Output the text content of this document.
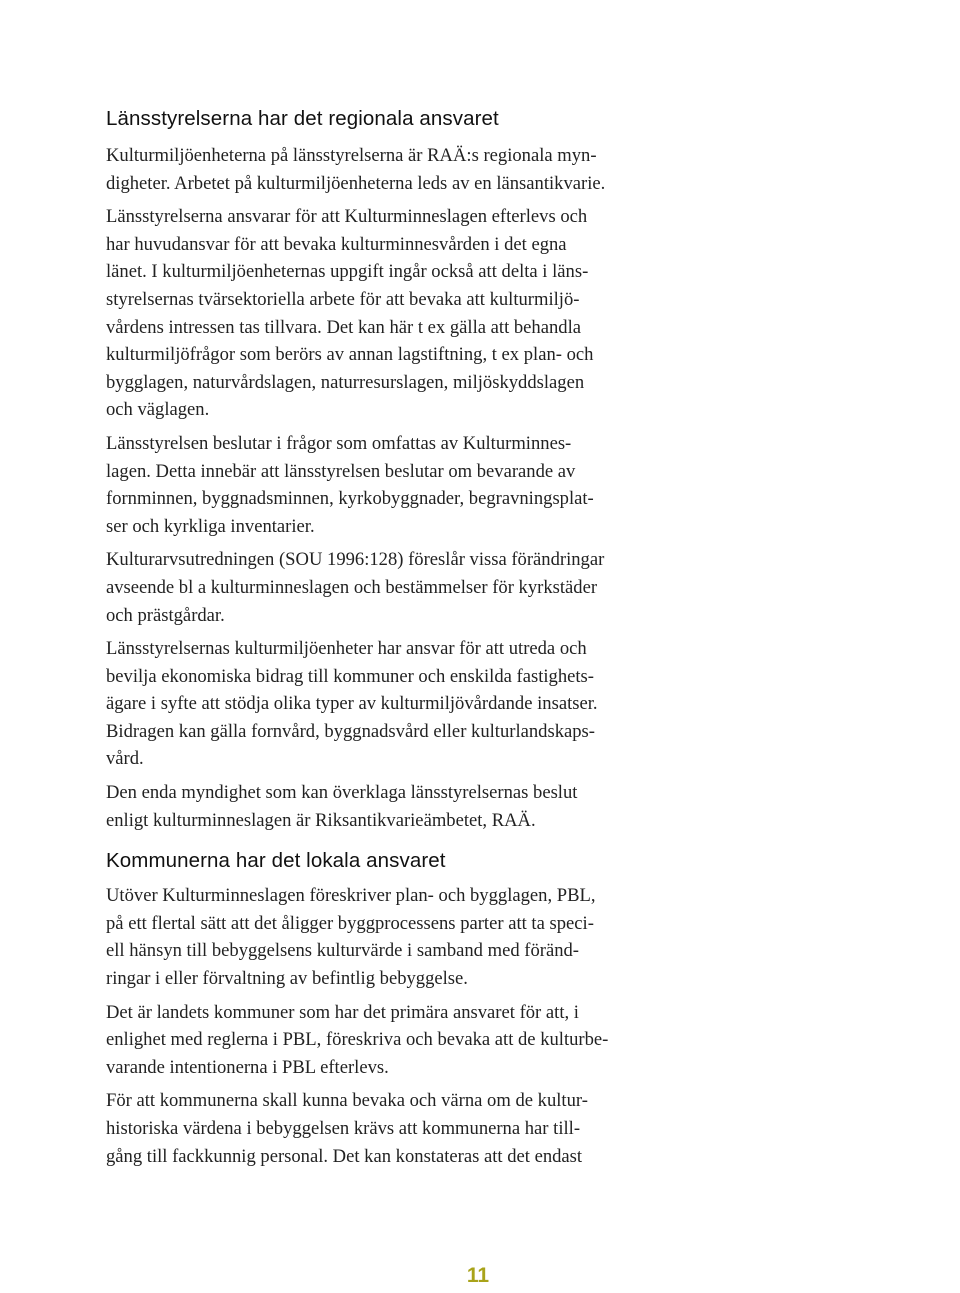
Länsstyrelserna har det regionala ansvaret

Kulturmiljöenheterna på länsstyrelserna är RAÄ:s regionala myn-
digheter. Arbetet på kulturmiljöenheterna leds av en länsantikvarie.

Länsstyrelserna ansvarar för att Kulturminneslagen efterlevs och
har huvudansvar för att bevaka kulturminnesvården i det egna
länet. I kulturmiljöenheternas uppgift ingår också att delta i läns-
styrelsernas tvärsektoriella arbete för att bevaka att kulturmiljö-
vårdens intressen tas tillvara. Det kan här t ex gälla att behandla
kulturmiljöfrågor som berörs av annan lagstiftning, t ex plan- och
bygglagen, naturvårdslagen, naturresurslagen, miljöskyddslagen
och väglagen.

Länsstyrelsen beslutar i frågor som omfattas av Kulturminnes-
lagen. Detta innebär att länsstyrelsen beslutar om bevarande av
fornminnen, byggnadsminnen, kyrkobyggnader, begravningsplat-
ser och kyrkliga inventarier.

Kulturarvsutredningen (SOU 1996:128) föreslår vissa förändringar
avseende bl a kulturminneslagen och bestämmelser för kyrkstäder
och prästgårdar.

Länsstyrelsernas kulturmiljöenheter har ansvar för att utreda och
bevilja ekonomiska bidrag till kommuner och enskilda fastighets-
ägare i syfte att stödja olika typer av kulturmiljövårdande insatser.
Bidragen kan gälla fornvård, byggnadsvård eller kulturlandskaps-
vård.

Den enda myndighet som kan överklaga länsstyrelsernas beslut
enligt kulturminneslagen är Riksantikvarieämbetet, RAÄ.

Kommunerna har det lokala ansvaret

Utöver Kulturminneslagen föreskriver plan- och bygglagen, PBL,
på ett flertal sätt att det åligger byggprocessens parter att ta speci-
ell hänsyn till bebyggelsens kulturvärde i samband med föränd-
ringar i eller förvaltning av befintlig bebyggelse.

Det är landets kommuner som har det primära ansvaret för att, i
enlighet med reglerna i PBL, föreskriva och bevaka att de kulturbe-
varande intentionerna i PBL efterlevs.

För att kommunerna skall kunna bevaka och värna om de kultur-
historiska värdena i bebyggelsen krävs att kommunerna har till-
gång till fackkunnig personal. Det kan konstateras att det endast

11
